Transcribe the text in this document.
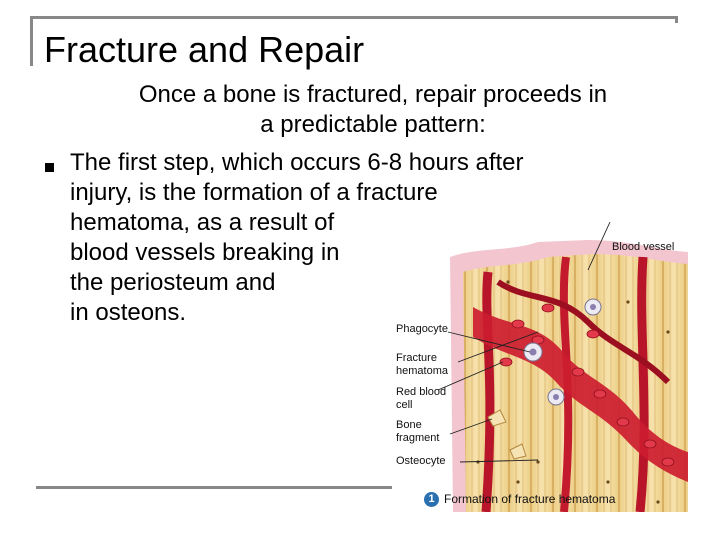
Fracture and Repair
Once a bone is fractured, repair proceeds in
a predictable pattern:
The first step, which occurs 6-8 hours after
injury, is the formation of a fracture
hematoma, as a result of
blood vessels breaking in
the periosteum and
in osteons.
Blood vessel
Phagocyte
Fracture
hematoma
Red blood
cell
Bone
fragment
Osteocyte
1 Formation of fracture hematoma
